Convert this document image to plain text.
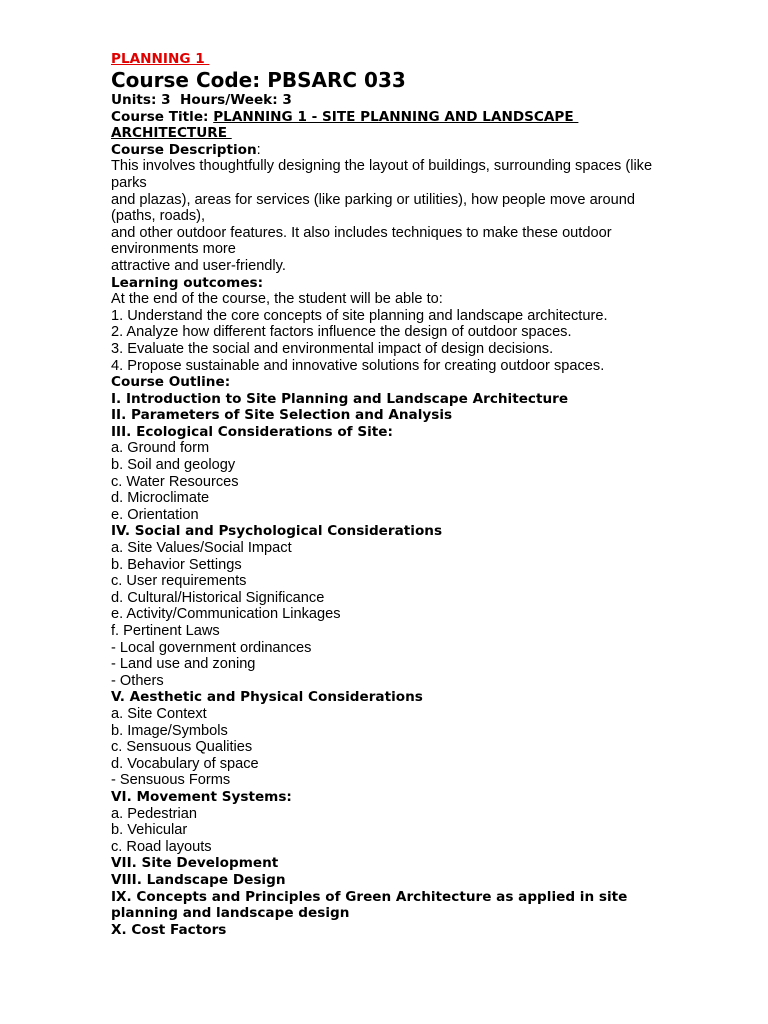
PLANNING 1
Course Code: PBSARC 033
Units: 3  Hours/Week: 3
Course Title: PLANNING 1 - SITE PLANNING AND LANDSCAPE
ARCHITECTURE
Course Description:
This involves thoughtfully designing the layout of buildings, surrounding spaces (like
parks
and plazas), areas for services (like parking or utilities), how people move around
(paths, roads),
and other outdoor features. It also includes techniques to make these outdoor
environments more
attractive and user-friendly.
Learning outcomes:
At the end of the course, the student will be able to:
1. Understand the core concepts of site planning and landscape architecture.
2. Analyze how different factors influence the design of outdoor spaces.
3. Evaluate the social and environmental impact of design decisions.
4. Propose sustainable and innovative solutions for creating outdoor spaces.
Course Outline:
I. Introduction to Site Planning and Landscape Architecture
II. Parameters of Site Selection and Analysis
III. Ecological Considerations of Site:
a. Ground form
b. Soil and geology
c. Water Resources
d. Microclimate
e. Orientation
IV. Social and Psychological Considerations
a. Site Values/Social Impact
b. Behavior Settings
c. User requirements
d. Cultural/Historical Significance
e. Activity/Communication Linkages
f. Pertinent Laws
- Local government ordinances
- Land use and zoning
- Others
V. Aesthetic and Physical Considerations
a. Site Context
b. Image/Symbols
c. Sensuous Qualities
d. Vocabulary of space
- Sensuous Forms
VI. Movement Systems:
a. Pedestrian
b. Vehicular
c. Road layouts
VII. Site Development
VIII. Landscape Design
IX. Concepts and Principles of Green Architecture as applied in site
planning and landscape design
X. Cost Factors
